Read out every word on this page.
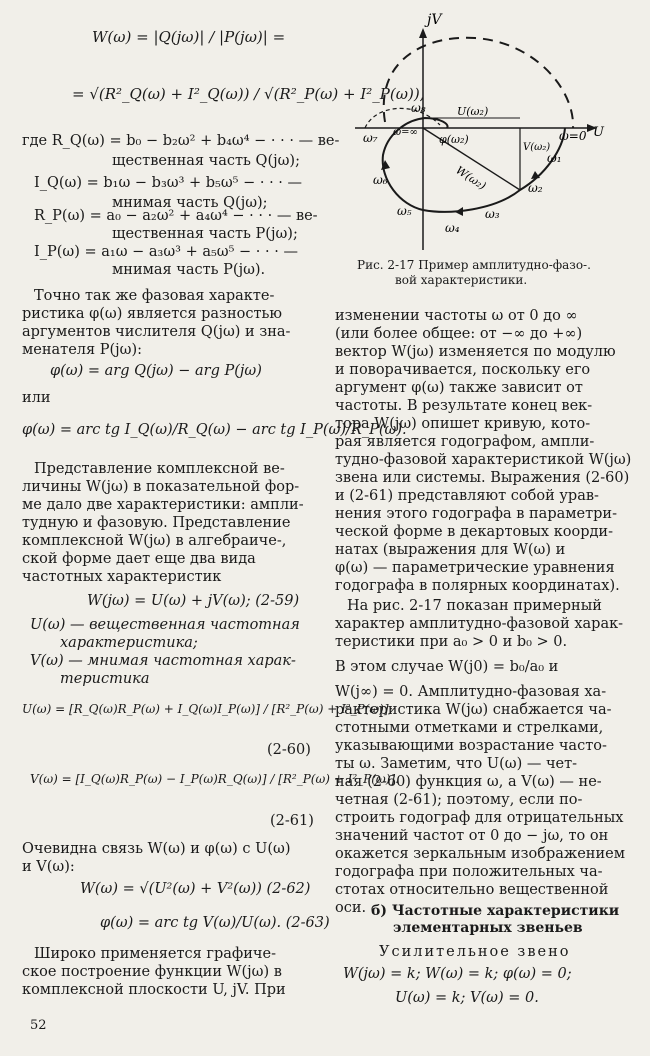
W(ω) = |Q(jω)| / |P(jω)| =
= √(R²_Q(ω) + I²_Q(ω)) / √(R²_P(ω) + I²_P(ω)),
где R_Q(ω) = b₀ − b₂ω² + b₄ω⁴ − · · · — ве-
щественная часть Q(jω);
I_Q(ω) = b₁ω − b₃ω³ + b₅ω⁵ − · · · —
мнимая часть Q(jω);
R_P(ω) = a₀ − a₂ω² + a₄ω⁴ − · · · — ве-
щественная часть P(jω);
I_P(ω) = a₁ω − a₃ω³ + a₅ω⁵ − · · · —
мнимая часть P(jω).
Точно так же фазовая характе-
ристика φ(ω) является разностью
аргументов числителя Q(jω) и зна-
менателя P(jω):
φ(ω) = arg Q(jω) − arg P(jω)
или
φ(ω) = arc tg I_Q(ω)/R_Q(ω) − arc tg I_P(ω)/R_P(ω).
Представление комплексной ве-
личины W(jω) в показательной фор-
ме дало две характеристики: ампли-
тудную и фазовую. Представление
комплексной W(jω) в алгебраиче-,
ской форме дает еще два вида
частотных характеристик
W(jω) = U(ω) + jV(ω); (2-59)
U(ω) — вещественная частотная
характеристика;
V(ω) — мнимая частотная харак-
теристика
U(ω) = [R_Q(ω)R_P(ω) + I_Q(ω)I_P(ω)] / [R²_P(ω) + I²_P(ω)];
(2-60)
V(ω) = [I_Q(ω)R_P(ω) − I_P(ω)R_Q(ω)] / [R²_P(ω) + I²_P(ω)].
(2-61)
Очевидна связь W(ω) и φ(ω) с U(ω)
и V(ω):
W(ω) = √(U²(ω) + V²(ω)) (2-62)
φ(ω) = arc tg V(ω)/U(ω). (2-63)
Широко применяется графиче-
ское построение функции W(jω) в
комплексной плоскости U, jV. При
52
jV
U
ω=0
ω₁
ω₂
ω₃
ω₄
ω₅
ω₆
ω₇
ω₈
ω=∞
U(ω₂)
φ(ω₂)
W(ω₂)
V(ω₂)
Рис. 2-17 Пример амплитудно-фазо-.
вой характеристики.
изменении частоты ω от 0 до ∞
(или более общее: от −∞ до +∞)
вектор W(jω) изменяется по модулю
и поворачивается, поскольку его
аргумент φ(ω) также зависит от
частоты. В результате конец век-
тора W(jω) опишет кривую, кото-
рая является годографом, ампли-
тудно-фазовой характеристикой W(jω)
звена или системы. Выражения (2-60)
и (2-61) представляют собой урав-
нения этого годографа в параметри-
ческой форме в декартовых коорди-
натах (выражения для W(ω) и
φ(ω) — параметрические уравнения
годографа в полярных координатах).
На рис. 2-17 показан примерный
характер амплитудно-фазовой харак-
теристики при a₀ > 0 и b₀ > 0.
В этом случае W(j0) = b₀/a₀ и
W(j∞) = 0. Амплитудно-фазовая ха-
рактеристика W(jω) снабжается ча-
стотными отметками и стрелками,
указывающими возрастание часто-
ты ω. Заметим, что U(ω) — чет-
ная (2-60) функция ω, а V(ω) — не-
четная (2-61); поэтому, если по-
строить годограф для отрицательных
значений частот от 0 до − jω, то он
окажется зеркальным изображением
годографа при положительных ча-
стотах относительно вещественной
оси. б) Частотные характеристики
элементарных звеньев
Усилительное звено
W(jω) = k; W(ω) = k; φ(ω) = 0;
U(ω) = k; V(ω) = 0.
